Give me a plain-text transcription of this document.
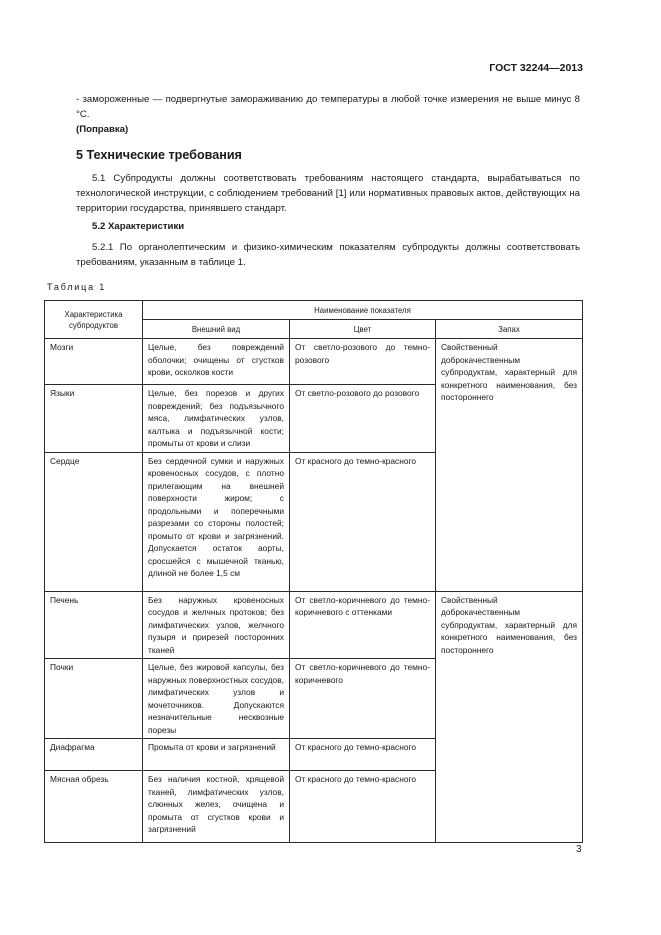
ГОСТ 32244—2013
- замороженные — подвергнутые замораживанию до температуры в любой точке измерения не выше минус 8 °С.
(Поправка)
5 Технические требования
5.1 Субпродукты должны соответствовать требованиям настоящего стандарта, вырабатываться по технологической инструкции, с соблюдением требований [1] или нормативных правовых актов, действующих на территории государства, принявшего стандарт.
5.2 Характеристики
5.2.1 По органолептическим и физико-химическим показателям субпродукты должны соответствовать требованиям, указанным в таблице 1.
Таблица 1
Характеристика субпродуктов	Наименование показателя		
	Внешний вид	Цвет	Запах
Мозги	Целые, без повреждений оболочки; очищены от сгустков крови, осколков кости	От светло-розового до темно-розового	Свойственный доброкачественным субпродуктам, характерный для конкретного наименования, без постороннего
Языки	Целые, без порезов и других повреждений; без подъязычного мяса, лимфатических узлов, калтыка и подъязычной кости; промыты от крови и слизи	От светло-розового до розового	
Сердце	Без сердечной сумки и наружных кровеносных сосудов, с плотно прилегающим на внешней поверхности жиром; с продольными и поперечными разрезами со стороны полостей; промыто от крови и загрязнений. Допускается остаток аорты, сросшейся с мышечной тканью, длиной не более 1,5 см	От красного до темно-красного	
Печень	Без наружных кровеносных сосудов и желчных протоков; без лимфатических узлов, желчного пузыря и прирезей посторонних тканей	От светло-коричневого до темно-коричневого с оттенками	Свойственный доброкачественным субпродуктам, характерный для конкретного наименования, без постороннего
Почки	Целые, без жировой капсулы, без наружных поверхностных сосудов, лимфатических узлов и мочеточников. Допускаются незначительные несквозные порезы	От светло-коричневого до темно-коричневого	
Диафрагма	Промыта от крови и загрязнений	От красного до темно-красного	
Мясная обрезь	Без наличия костной, хрящевой тканей, лимфатических узлов, слюнных желез, очищена и промыта от сгустков крови и загрязнений	От красного до темно-красного	
3
